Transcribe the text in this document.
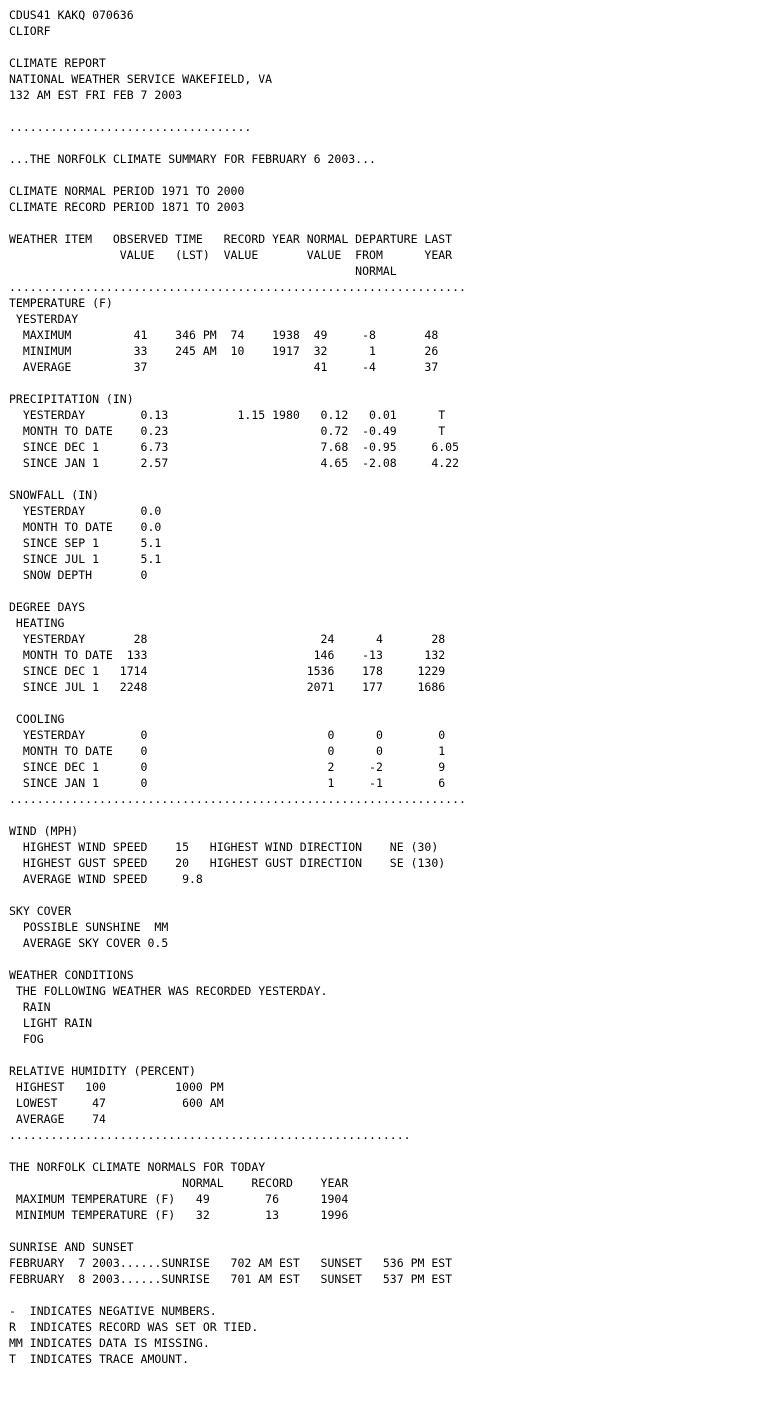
CDUS41 KAKQ 070636
CLIORF
CLIMATE REPORT
NATIONAL WEATHER SERVICE WAKEFIELD, VA
132 AM EST FRI FEB 7 2003
...................................
...THE NORFOLK CLIMATE SUMMARY FOR FEBRUARY 6 2003...
CLIMATE NORMAL PERIOD 1971 TO 2000
CLIMATE RECORD PERIOD 1871 TO 2003
WEATHER ITEM   OBSERVED TIME   RECORD YEAR NORMAL DEPARTURE LAST
VALUE   (LST)  VALUE       VALUE  FROM      YEAR
NORMAL
..................................................................
TEMPERATURE (F)
YESTERDAY
MAXIMUM         41    346 PM  74    1938  49     -8       48
MINIMUM         33    245 AM  10    1917  32      1       26
AVERAGE         37                        41     -4       37
PRECIPITATION (IN)
YESTERDAY        0.13          1.15 1980   0.12   0.01      T
MONTH TO DATE    0.23                      0.72  -0.49      T
SINCE DEC 1      6.73                      7.68  -0.95     6.05
SINCE JAN 1      2.57                      4.65  -2.08     4.22
SNOWFALL (IN)
YESTERDAY        0.0
MONTH TO DATE    0.0
SINCE SEP 1      5.1
SINCE JUL 1      5.1
SNOW DEPTH       0
DEGREE DAYS
HEATING
YESTERDAY       28                         24      4       28
MONTH TO DATE  133                        146    -13      132
SINCE DEC 1   1714                       1536    178     1229
SINCE JUL 1   2248                       2071    177     1686
COOLING
YESTERDAY        0                          0      0        0
MONTH TO DATE    0                          0      0        1
SINCE DEC 1      0                          2     -2        9
SINCE JAN 1      0                          1     -1        6
..................................................................
WIND (MPH)
HIGHEST WIND SPEED    15   HIGHEST WIND DIRECTION    NE (30)
HIGHEST GUST SPEED    20   HIGHEST GUST DIRECTION    SE (130)
AVERAGE WIND SPEED     9.8
SKY COVER
POSSIBLE SUNSHINE  MM
AVERAGE SKY COVER 0.5
WEATHER CONDITIONS
THE FOLLOWING WEATHER WAS RECORDED YESTERDAY.
RAIN
LIGHT RAIN
FOG
RELATIVE HUMIDITY (PERCENT)
HIGHEST   100          1000 PM
LOWEST     47           600 AM
AVERAGE    74
..........................................................
THE NORFOLK CLIMATE NORMALS FOR TODAY
NORMAL    RECORD    YEAR
MAXIMUM TEMPERATURE (F)   49        76      1904
MINIMUM TEMPERATURE (F)   32        13      1996
SUNRISE AND SUNSET
FEBRUARY  7 2003......SUNRISE   702 AM EST   SUNSET   536 PM EST
FEBRUARY  8 2003......SUNRISE   701 AM EST   SUNSET   537 PM EST
-  INDICATES NEGATIVE NUMBERS.
R  INDICATES RECORD WAS SET OR TIED.
MM INDICATES DATA IS MISSING.
T  INDICATES TRACE AMOUNT.
